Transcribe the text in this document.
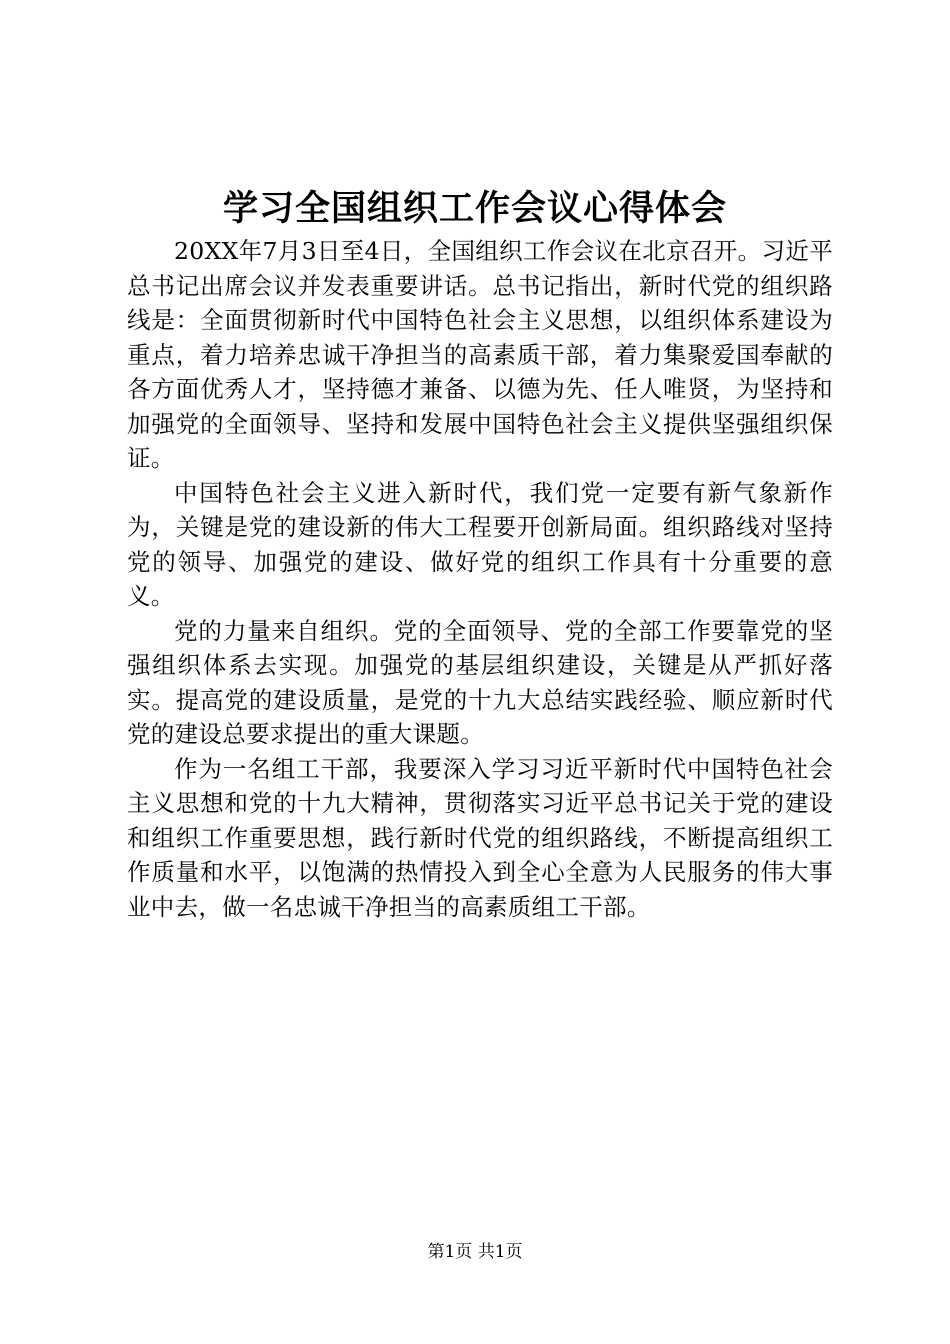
学习全国组织工作会议心得体会

20XX年7月3日至4日，全国组织工作会议在北京召开。习近平总书记出席会议并发表重要讲话。总书记指出，新时代党的组织路线是：全面贯彻新时代中国特色社会主义思想，以组织体系建设为重点，着力培养忠诚干净担当的高素质干部，着力集聚爱国奉献的各方面优秀人才，坚持德才兼备、以德为先、任人唯贤，为坚持和加强党的全面领导、坚持和发展中国特色社会主义提供坚强组织保证。

中国特色社会主义进入新时代，我们党一定要有新气象新作为，关键是党的建设新的伟大工程要开创新局面。组织路线对坚持党的领导、加强党的建设、做好党的组织工作具有十分重要的意义。

党的力量来自组织。党的全面领导、党的全部工作要靠党的坚强组织体系去实现。加强党的基层组织建设，关键是从严抓好落实。提高党的建设质量，是党的十九大总结实践经验、顺应新时代党的建设总要求提出的重大课题。

作为一名组工干部，我要深入学习习近平新时代中国特色社会主义思想和党的十九大精神，贯彻落实习近平总书记关于党的建设和组织工作重要思想，践行新时代党的组织路线，不断提高组织工作质量和水平，以饱满的热情投入到全心全意为人民服务的伟大事业中去，做一名忠诚干净担当的高素质组工干部。

第1页 共1页
